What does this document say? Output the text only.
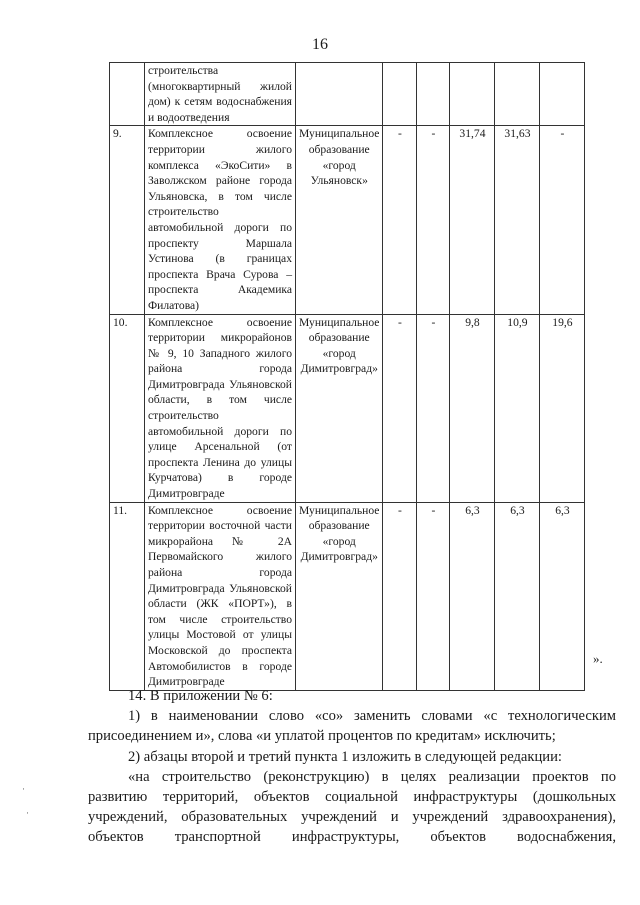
16
	строительства (многоквартирный жилой дом) к сетям водоснабжения и водоотведения						
9.	Комплексное освоение территории жилого комплекса «ЭкоСити» в Заволжском районе города Ульяновска, в том числе строительство автомобильной дороги по проспекту Маршала Устинова (в границах проспекта Врача Сурова – проспекта Академика Филатова)	Муниципальное образование «город Ульяновск»	-	-	31,74	31,63	-
10.	Комплексное освоение территории микрорайонов № 9, 10 Западного жилого района города Димитровграда Ульяновской области, в том числе строительство автомобильной дороги по улице Арсенальной (от проспекта Ленина до улицы Курчатова) в городе Димитровграде	Муниципальное образование «город Димитровград»	-	-	9,8	10,9	19,6
11.	Комплексное освоение территории восточной части микрорайона № 2А Первомайского жилого района города Димитровграда Ульяновской области (ЖК «ПОРТ»), в том числе строительство улицы Мостовой от улицы Московской до проспекта Автомобилистов в городе Димитровграде	Муниципальное образование «город Димитровград»	-	-	6,3	6,3	6,3
».

14. В приложении № 6:

1) в наименовании слово «со» заменить словами «с технологическим присоединением и», слова «и уплатой процентов по кредитам» исключить;

2) абзацы второй и третий пункта 1 изложить в следующей редакции:

«на строительство (реконструкцию) в целях реализации проектов по развитию территорий, объектов социальной инфраструктуры (дошкольных учреждений, образовательных учреждений и учреждений здравоохранения), объектов транспортной инфраструктуры, объектов водоснабжения,

·
·
